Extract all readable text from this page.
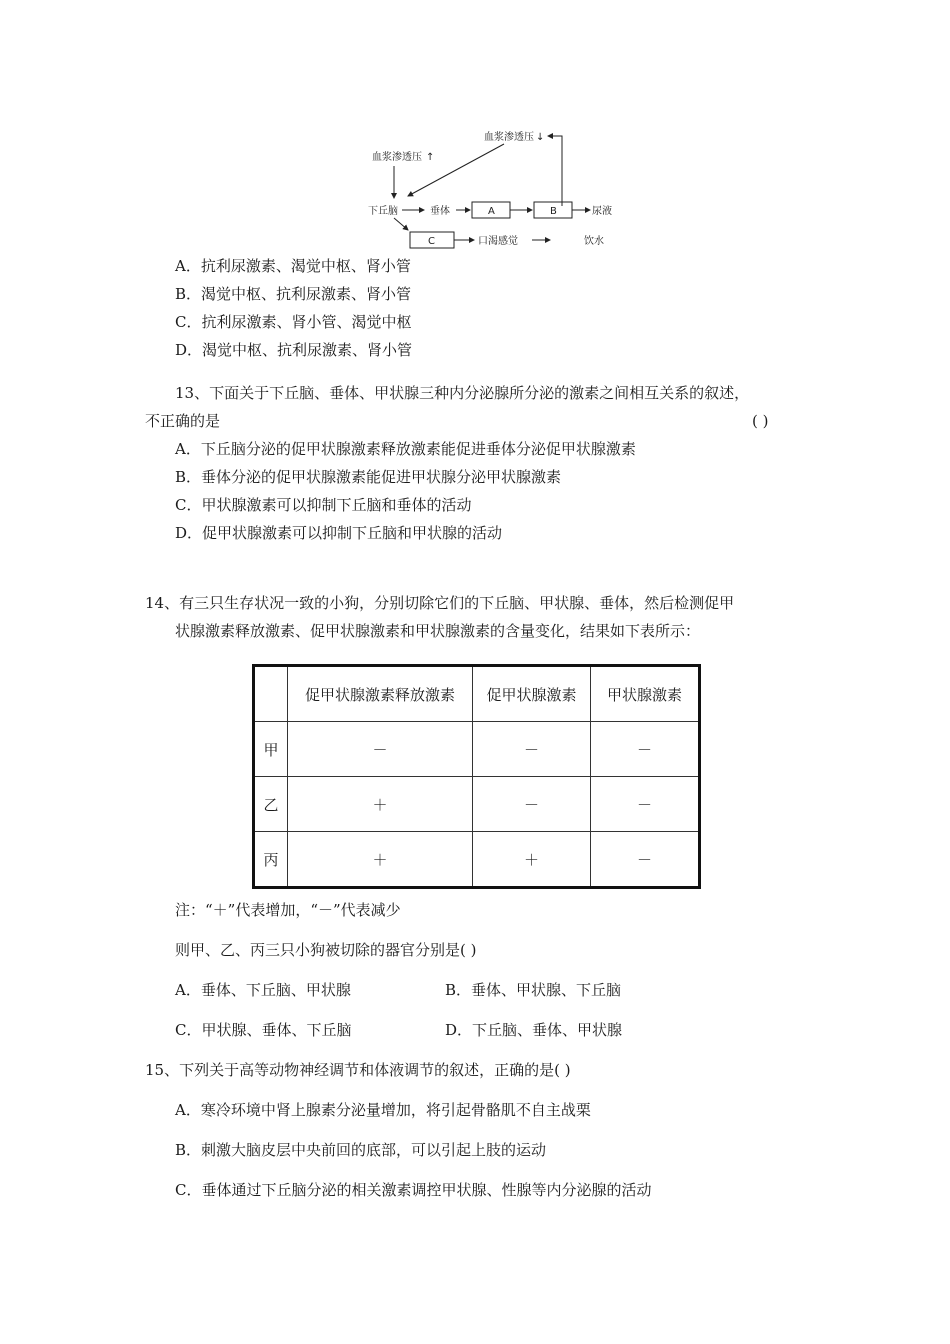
血浆渗透压 ↓
血浆渗透压 ↑
下丘脑	垂体	A	B	尿液
C	口渴感觉	饮水
A．抗利尿激素、渴觉中枢、肾小管
B．渴觉中枢、抗利尿激素、肾小管
C．抗利尿激素、肾小管、渴觉中枢
D．渴觉中枢、抗利尿激素、肾小管
13、下面关于下丘脑、垂体、甲状腺三种内分泌腺所分泌的激素之间相互关系的叙述，
不正确的是	( )
A．下丘脑分泌的促甲状腺激素释放激素能促进垂体分泌促甲状腺激素
B．垂体分泌的促甲状腺激素能促进甲状腺分泌甲状腺激素
C．甲状腺激素可以抑制下丘脑和垂体的活动
D．促甲状腺激素可以抑制下丘脑和甲状腺的活动
14、有三只生存状况一致的小狗，分别切除它们的下丘脑、甲状腺、垂体，然后检测促甲
状腺激素释放激素、促甲状腺激素和甲状腺激素的含量变化，结果如下表所示：
	促甲状腺激素释放激素	促甲状腺激素	甲状腺激素
甲	－	－	－
乙	＋	－	－
丙	＋	＋	－
注：“＋”代表增加，“－”代表减少
则甲、乙、丙三只小狗被切除的器官分别是( )
A．垂体、下丘脑、甲状腺	B．垂体、甲状腺、下丘脑
C．甲状腺、垂体、下丘脑	D．下丘脑、垂体、甲状腺
15、下列关于高等动物神经调节和体液调节的叙述，正确的是( )
A．寒冷环境中肾上腺素分泌量增加，将引起骨骼肌不自主战栗
B．刺激大脑皮层中央前回的底部，可以引起上肢的运动
C．垂体通过下丘脑分泌的相关激素调控甲状腺、性腺等内分泌腺的活动
